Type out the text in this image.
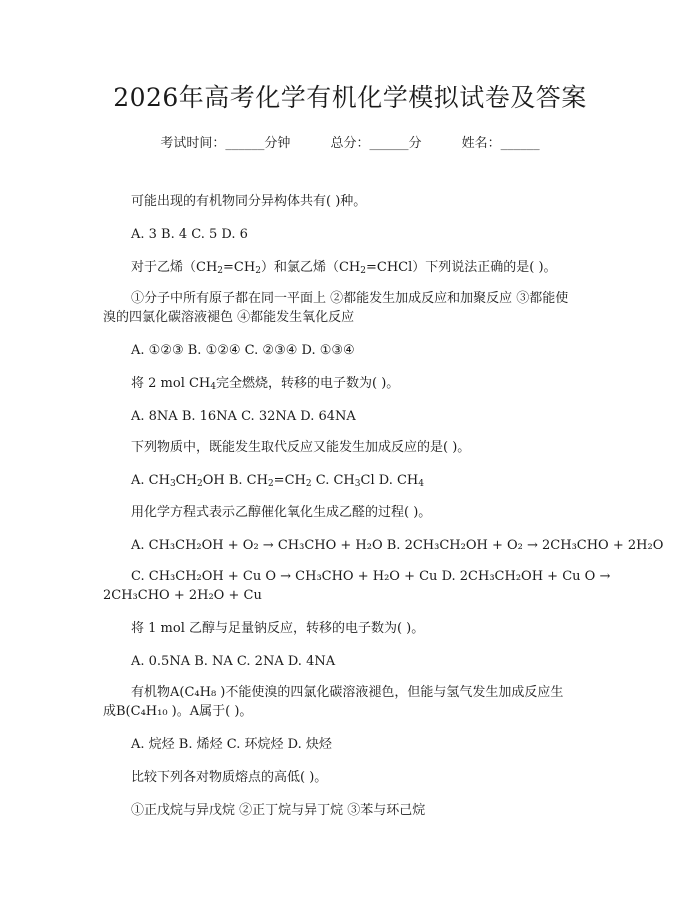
2026年高考化学有机化学模拟试卷及答案
考试时间：______分钟	总分：______分	姓名：______
可能出现的有机物同分异构体共有( )种。
A. 3 B. 4 C. 5 D. 6
对于乙烯$(CH_2=CH_2)$和氯乙烯$(CH_2=CHCl)$下列说法正确的是( )。
①分子中所有原子都在同一平面上 ②都能发生加成反应和加聚反应 ③都能使
溴的四氯化碳溶液褪色 ④都能发生氧化反应
A. ①②③ B. ①②④ C. ②③④ D. ①③④
将 2 mol $CH_4$完全燃烧，转移的电子数为( )。
A. 8NA B. 16NA C. 32NA D. 64NA
下列物质中，既能发生取代反应又能发生加成反应的是( )。
A. $CH_3CH_2OH$ B. $CH_2=CH_2$ C. $CH_3Cl$ D. $CH_4$
用化学方程式表示乙醇催化氧化生成乙醛的过程( )。
A. CH₃CH₂OH + O₂ → CH₃CHO + H₂O B. 2CH₃CH₂OH + O₂ → 2CH₃CHO + 2H₂O
C. CH₃CH₂OH + Cu O → CH₃CHO + H₂O + Cu D. 2CH₃CH₂OH + Cu O →
2CH₃CHO + 2H₂O + Cu
将 1 mol 乙醇与足量钠反应，转移的电子数为( )。
A. 0.5NA B. NA C. 2NA D. 4NA
有机物A(C₄H₈ )不能使溴的四氯化碳溶液褪色，但能与氢气发生加成反应生
成B(C₄H₁₀ )。A属于( )。
A. 烷烃 B. 烯烃 C. 环烷烃 D. 炔烃
比较下列各对物质熔点的高低( )。
①正戊烷与异戊烷 ②正丁烷与异丁烷 ③苯与环己烷
